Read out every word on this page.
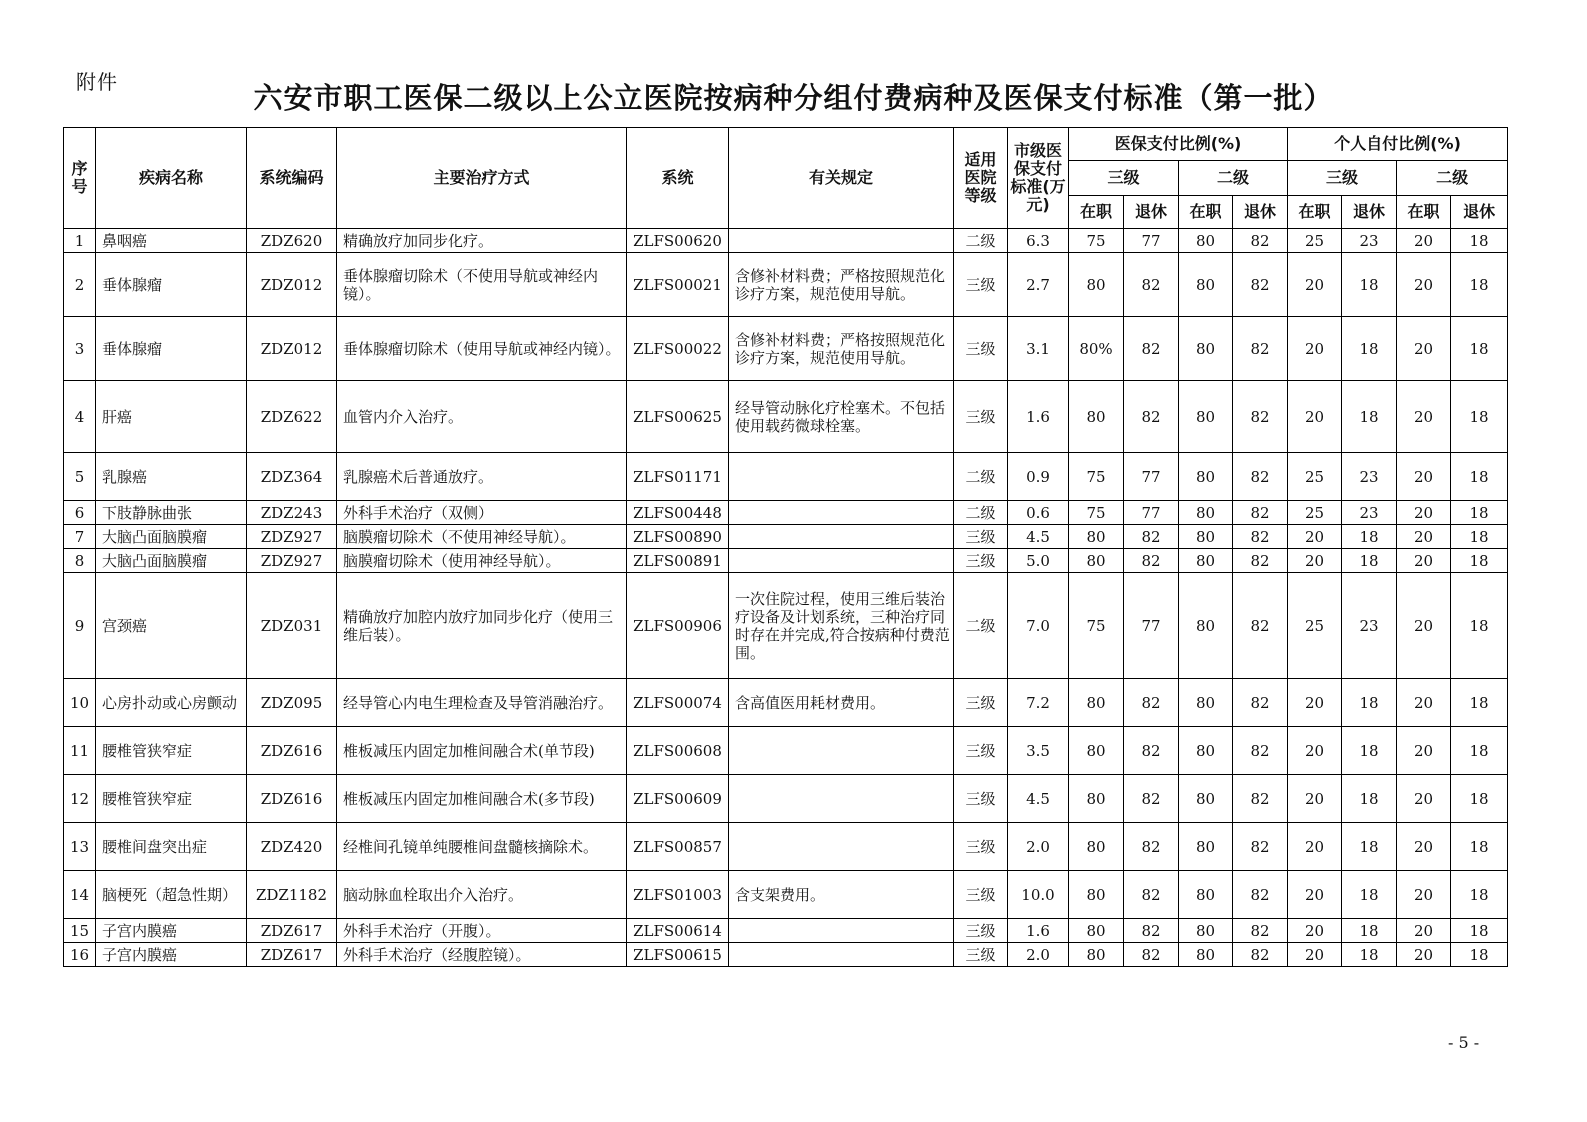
附件	六安市职工医保二级以上公立医院按病种分组付费病种及医保支付标准（第一批）
序号	疾病名称	系统编码	主要治疗方式	系统	有关规定	适用医院等级	市级医保支付标准(万元)	医保支付比例(%)				个人自付比例(%)			
								三级		二级		三级		二级	
								在职	退休	在职	退休	在职	退休	在职	退休
1	鼻咽癌	ZDZ620	精确放疗加同步化疗。	ZLFS00620		二级	6.3	75	77	80	82	25	23	20	18
2	垂体腺瘤	ZDZ012	垂体腺瘤切除术（不使用导航或神经内镜）。	ZLFS00021	含修补材料费；严格按照规范化诊疗方案，规范使用导航。	三级	2.7	80	82	80	82	20	18	20	18
3	垂体腺瘤	ZDZ012	垂体腺瘤切除术（使用导航或神经内镜）。	ZLFS00022	含修补材料费；严格按照规范化诊疗方案，规范使用导航。	三级	3.1	80%	82	80	82	20	18	20	18
4	肝癌	ZDZ622	血管内介入治疗。	ZLFS00625	经导管动脉化疗栓塞术。不包括使用载药微球栓塞。	三级	1.6	80	82	80	82	20	18	20	18
5	乳腺癌	ZDZ364	乳腺癌术后普通放疗。	ZLFS01171		二级	0.9	75	77	80	82	25	23	20	18
6	下肢静脉曲张	ZDZ243	外科手术治疗（双侧）	ZLFS00448		二级	0.6	75	77	80	82	25	23	20	18
7	大脑凸面脑膜瘤	ZDZ927	脑膜瘤切除术（不使用神经导航）。	ZLFS00890		三级	4.5	80	82	80	82	20	18	20	18
8	大脑凸面脑膜瘤	ZDZ927	脑膜瘤切除术（使用神经导航）。	ZLFS00891		三级	5.0	80	82	80	82	20	18	20	18
9	宫颈癌	ZDZ031	精确放疗加腔内放疗加同步化疗（使用三维后装）。	ZLFS00906	一次住院过程，使用三维后装治疗设备及计划系统，三种治疗同时存在并完成,符合按病种付费范围。	二级	7.0	75	77	80	82	25	23	20	18
10	心房扑动或心房颤动	ZDZ095	经导管心内电生理检查及导管消融治疗。	ZLFS00074	含高值医用耗材费用。	三级	7.2	80	82	80	82	20	18	20	18
11	腰椎管狭窄症	ZDZ616	椎板减压内固定加椎间融合术(单节段)	ZLFS00608		三级	3.5	80	82	80	82	20	18	20	18
12	腰椎管狭窄症	ZDZ616	椎板减压内固定加椎间融合术(多节段)	ZLFS00609		三级	4.5	80	82	80	82	20	18	20	18
13	腰椎间盘突出症	ZDZ420	经椎间孔镜单纯腰椎间盘髓核摘除术。	ZLFS00857		三级	2.0	80	82	80	82	20	18	20	18
14	脑梗死（超急性期）	ZDZ1182	脑动脉血栓取出介入治疗。	ZLFS01003	含支架费用。	三级	10.0	80	82	80	82	20	18	20	18
15	子宫内膜癌	ZDZ617	外科手术治疗（开腹）。	ZLFS00614		三级	1.6	80	82	80	82	20	18	20	18
16	子宫内膜癌	ZDZ617	外科手术治疗（经腹腔镜）。	ZLFS00615		三级	2.0	80	82	80	82	20	18	20	18
- 5 -
